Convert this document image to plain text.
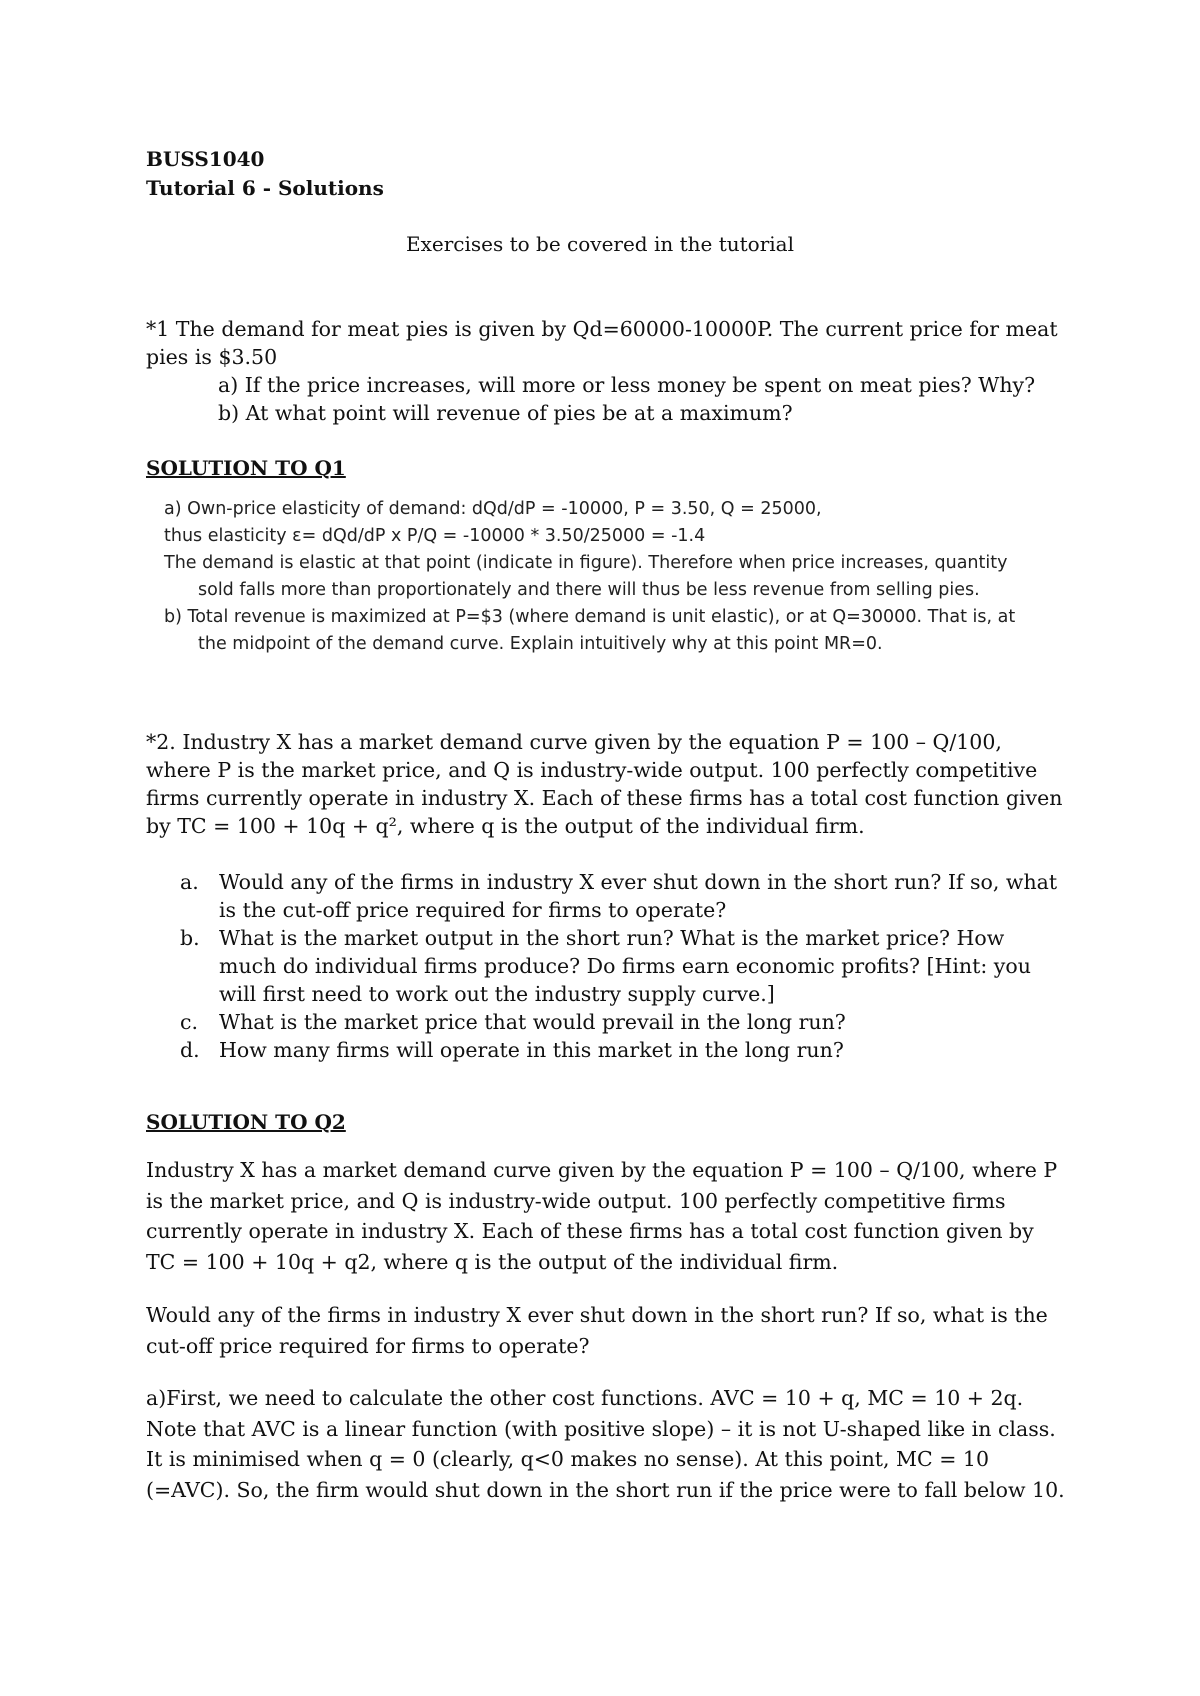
BUSS1040
Tutorial 6 - Solutions
Exercises to be covered in the tutorial
*1 The demand for meat pies is given by Qd=60000-10000P. The current price for meat pies is $3.50
a) If the price increases, will more or less money be spent on meat pies? Why?
b) At what point will revenue of pies be at a maximum?
SOLUTION TO Q1
a) Own-price elasticity of demand: dQd/dP = -10000, P = 3.50, Q = 25000,
thus elasticity ε= dQd/dP x P/Q = -10000 * 3.50/25000 = -1.4
The demand is elastic at that point (indicate in figure). Therefore when price increases, quantity
sold falls more than proportionately and there will thus be less revenue from selling pies.
b) Total revenue is maximized at P=$3 (where demand is unit elastic), or at Q=30000. That is, at
the midpoint of the demand curve. Explain intuitively why at this point MR=0.
*2. Industry X has a market demand curve given by the equation P = 100 – Q/100, where P is the market price, and Q is industry-wide output. 100 perfectly competitive firms currently operate in industry X. Each of these firms has a total cost function given by TC = 100 + 10q + q², where q is the output of the individual firm.
a. Would any of the firms in industry X ever shut down in the short run? If so, what is the cut-off price required for firms to operate?
b. What is the market output in the short run? What is the market price? How much do individual firms produce? Do firms earn economic profits? [Hint: you will first need to work out the industry supply curve.]
c. What is the market price that would prevail in the long run?
d. How many firms will operate in this market in the long run?
SOLUTION TO Q2
Industry X has a market demand curve given by the equation P = 100 – Q/100, where P is the market price, and Q is industry-wide output. 100 perfectly competitive firms currently operate in industry X. Each of these firms has a total cost function given by TC = 100 + 10q + q2, where q is the output of the individual firm.
Would any of the firms in industry X ever shut down in the short run? If so, what is the cut-off price required for firms to operate?
a)First, we need to calculate the other cost functions. AVC = 10 + q, MC = 10 + 2q. Note that AVC is a linear function (with positive slope) – it is not U-shaped like in class. It is minimised when q = 0 (clearly, q<0 makes no sense). At this point, MC = 10 (=AVC). So, the firm would shut down in the short run if the price were to fall below 10.
